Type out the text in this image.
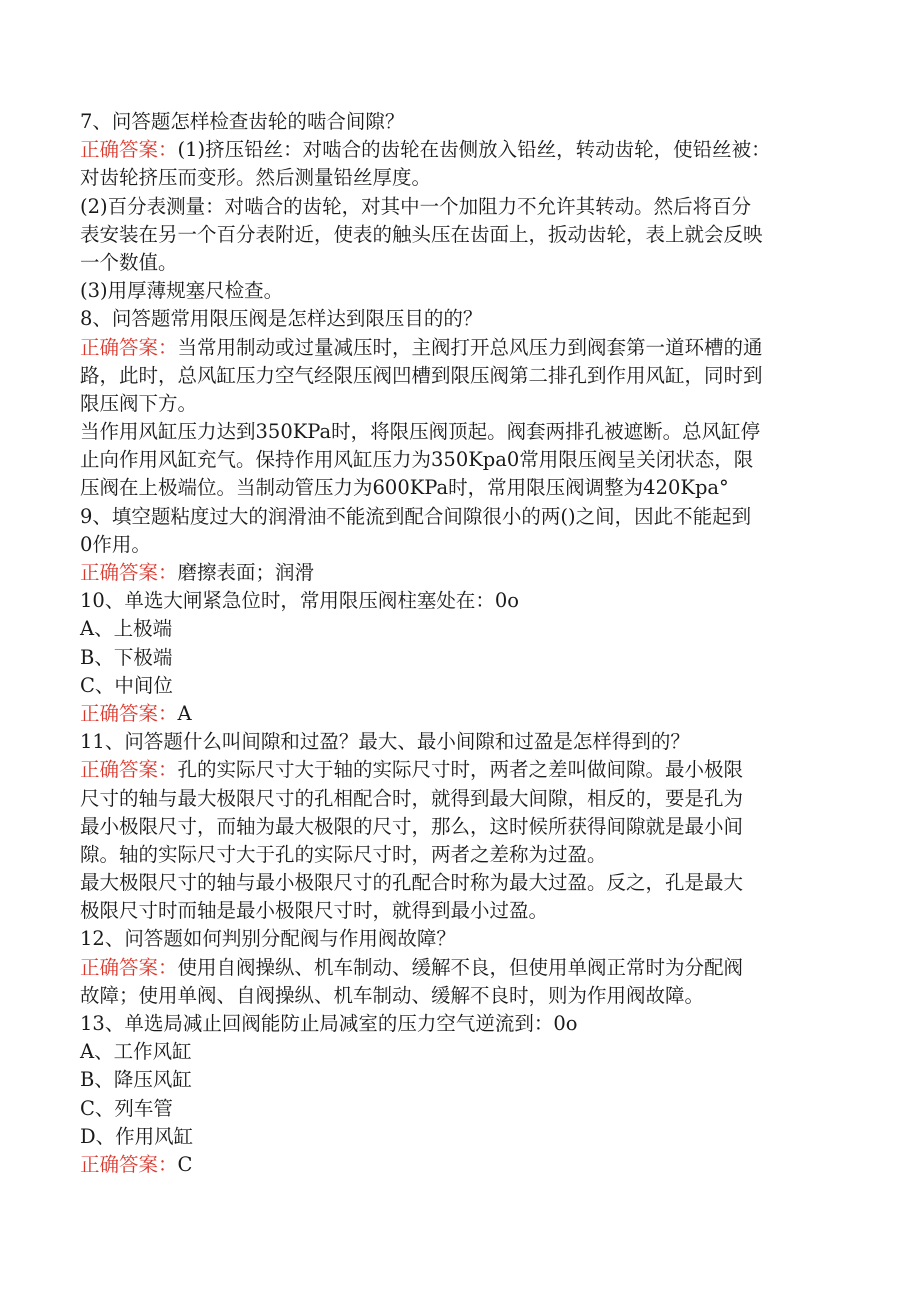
7、问答题怎样检查齿轮的啮合间隙？
正确答案：(1)挤压铅丝：对啮合的齿轮在齿侧放入铅丝，转动齿轮，使铅丝被：
对齿轮挤压而变形。然后测量铅丝厚度。
(2)百分表测量：对啮合的齿轮，对其中一个加阻力不允许其转动。然后将百分
表安装在另一个百分表附近，使表的触头压在齿面上，扳动齿轮，表上就会反映
一个数值。
(3)用厚薄规塞尺检查。
8、问答题常用限压阀是怎样达到限压目的的？
正确答案：当常用制动或过量减压时，主阀打开总风压力到阀套第一道环槽的通
路，此时，总风缸压力空气经限压阀凹槽到限压阀第二排孔到作用风缸，同时到
限压阀下方。
当作用风缸压力达到350KPa时，将限压阀顶起。阀套两排孔被遮断。总风缸停
止向作用风缸充气。保持作用风缸压力为350Kpa0常用限压阀呈关闭状态，限
压阀在上极端位。当制动管压力为600KPa时，常用限压阀调整为420Kpa°
9、填空题粘度过大的润滑油不能流到配合间隙很小的两()之间，因此不能起到
0作用。
正确答案：磨擦表面；润滑
10、单选大闸紧急位时，常用限压阀柱塞处在：0o
A、上极端
B、下极端
C、中间位
正确答案：A
11、问答题什么叫间隙和过盈？最大、最小间隙和过盈是怎样得到的？
正确答案：孔的实际尺寸大于轴的实际尺寸时，两者之差叫做间隙。最小极限
尺寸的轴与最大极限尺寸的孔相配合时，就得到最大间隙，相反的，要是孔为
最小极限尺寸，而轴为最大极限的尺寸，那么，这时候所获得间隙就是最小间
隙。轴的实际尺寸大于孔的实际尺寸时，两者之差称为过盈。
最大极限尺寸的轴与最小极限尺寸的孔配合时称为最大过盈。反之，孔是最大
极限尺寸时而轴是最小极限尺寸时，就得到最小过盈。
12、问答题如何判别分配阀与作用阀故障？
正确答案：使用自阀操纵、机车制动、缓解不良，但使用单阀正常时为分配阀
故障；使用单阀、自阀操纵、机车制动、缓解不良时，则为作用阀故障。
13、单选局减止回阀能防止局减室的压力空气逆流到：0o
A、工作风缸
B、降压风缸
C、列车管
D、作用风缸
正确答案：C
